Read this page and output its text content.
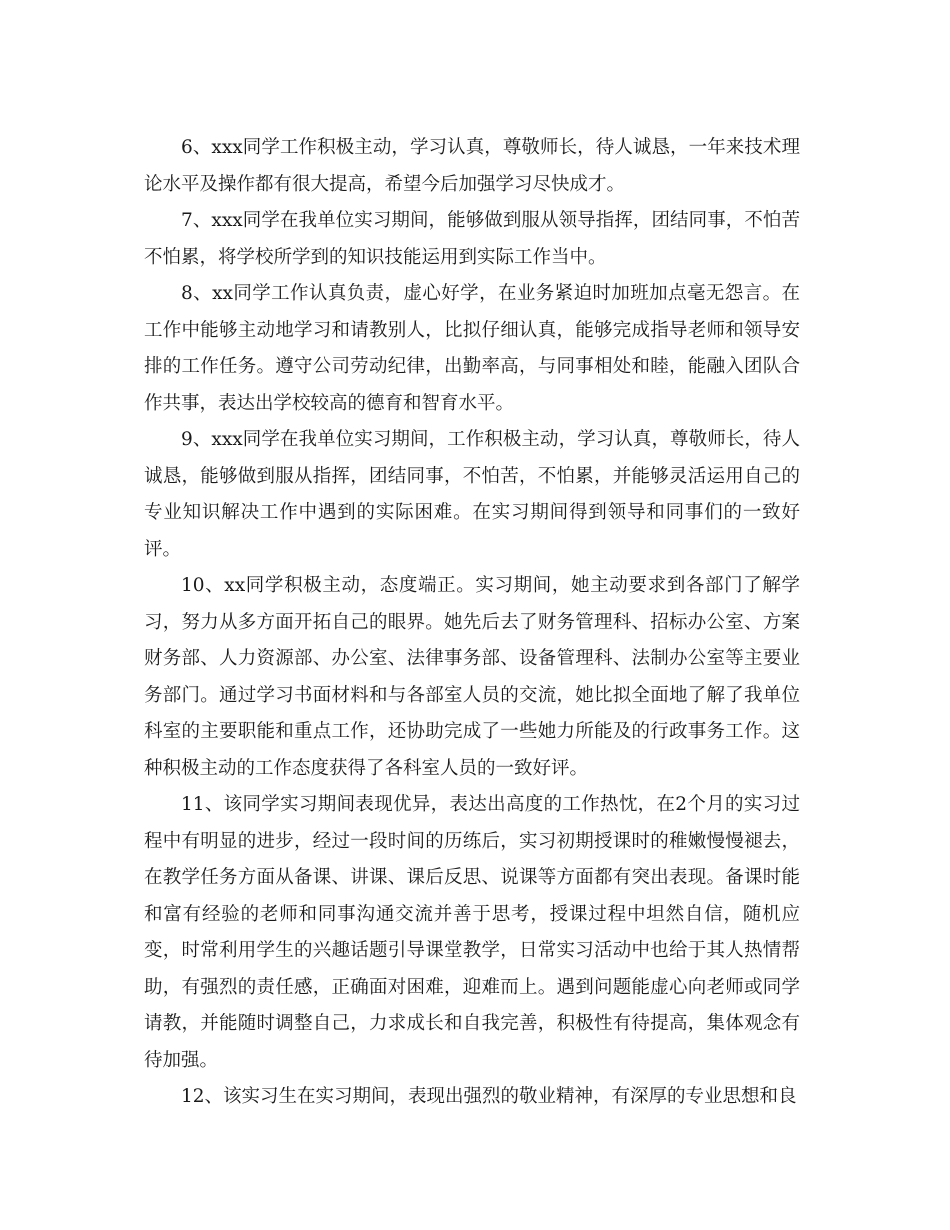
6、xxx同学工作积极主动，学习认真，尊敬师长，待人诚恳，一年来技术理论水平及操作都有很大提高，希望今后加强学习尽快成才。

7、xxx同学在我单位实习期间，能够做到服从领导指挥，团结同事，不怕苦不怕累，将学校所学到的知识技能运用到实际工作当中。

8、xx同学工作认真负责，虚心好学，在业务紧迫时加班加点毫无怨言。在工作中能够主动地学习和请教别人，比拟仔细认真，能够完成指导老师和领导安排的工作任务。遵守公司劳动纪律，出勤率高，与同事相处和睦，能融入团队合作共事，表达出学校较高的德育和智育水平。

9、xxx同学在我单位实习期间，工作积极主动，学习认真，尊敬师长，待人诚恳，能够做到服从指挥，团结同事，不怕苦，不怕累，并能够灵活运用自己的专业知识解决工作中遇到的实际困难。在实习期间得到领导和同事们的一致好评。

10、xx同学积极主动，态度端正。实习期间，她主动要求到各部门了解学习，努力从多方面开拓自己的眼界。她先后去了财务管理科、招标办公室、方案财务部、人力资源部、办公室、法律事务部、设备管理科、法制办公室等主要业务部门。通过学习书面材料和与各部室人员的交流，她比拟全面地了解了我单位科室的主要职能和重点工作，还协助完成了一些她力所能及的行政事务工作。这种积极主动的工作态度获得了各科室人员的一致好评。

11、该同学实习期间表现优异，表达出高度的工作热忱，在2个月的实习过程中有明显的进步，经过一段时间的历练后，实习初期授课时的稚嫩慢慢褪去，在教学任务方面从备课、讲课、课后反思、说课等方面都有突出表现。备课时能和富有经验的老师和同事沟通交流并善于思考，授课过程中坦然自信，随机应变，时常利用学生的兴趣话题引导课堂教学，日常实习活动中也给于其人热情帮助，有强烈的责任感，正确面对困难，迎难而上。遇到问题能虚心向老师或同学请教，并能随时调整自己，力求成长和自我完善，积极性有待提高，集体观念有待加强。

12、该实习生在实习期间，表现出强烈的敬业精神，有深厚的专业思想和良
